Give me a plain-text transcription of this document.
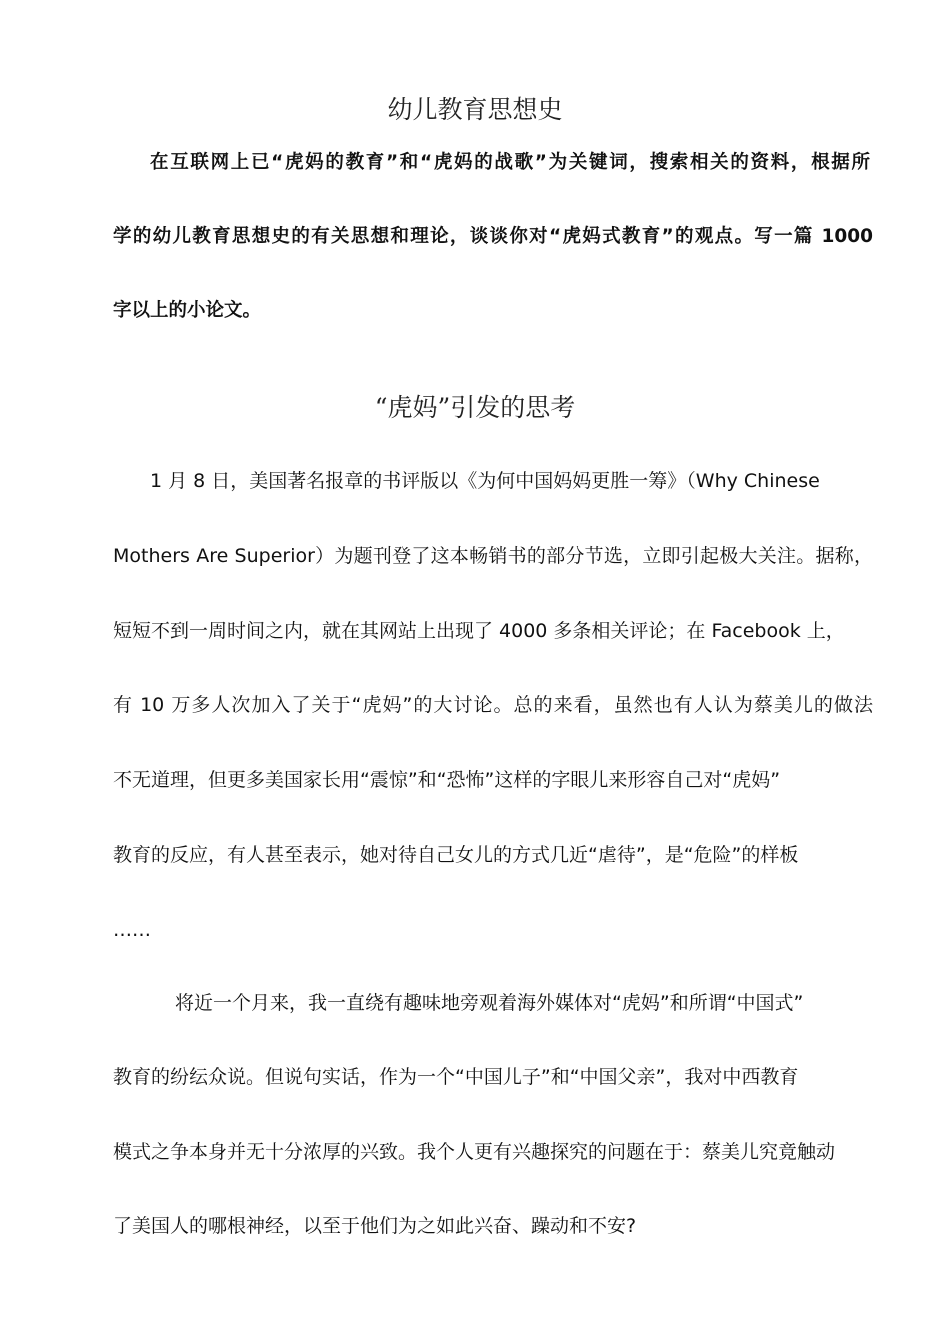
幼儿教育思想史

在互联网上已“虎妈的教育”和“虎妈的战歌”为关键词，搜索相关的资料，根据所

学的幼儿教育思想史的有关思想和理论，谈谈你对“虎妈式教育”的观点。写一篇 1000

字以上的小论文。

“虎妈”引发的思考

1 月 8 日，美国著名报章的书评版以《为何中国妈妈更胜一筹》（Why Chinese

Mothers Are Superior）为题刊登了这本畅销书的部分节选，立即引起极大关注。据称，

短短不到一周时间之内，就在其网站上出现了 4000 多条相关评论；在 Facebook 上，

有 10 万多人次加入了关于“虎妈”的大讨论。总的来看，虽然也有人认为蔡美儿的做法

不无道理，但更多美国家长用“震惊”和“恐怖”这样的字眼儿来形容自己对“虎妈”

教育的反应，有人甚至表示，她对待自己女儿的方式几近“虐待”，是“危险”的样板

……

将近一个月来，我一直绕有趣味地旁观着海外媒体对“虎妈”和所谓“中国式”

教育的纷纭众说。但说句实话，作为一个“中国儿子”和“中国父亲”，我对中西教育

模式之争本身并无十分浓厚的兴致。我个人更有兴趣探究的问题在于：蔡美儿究竟触动

了美国人的哪根神经，以至于他们为之如此兴奋、躁动和不安?
